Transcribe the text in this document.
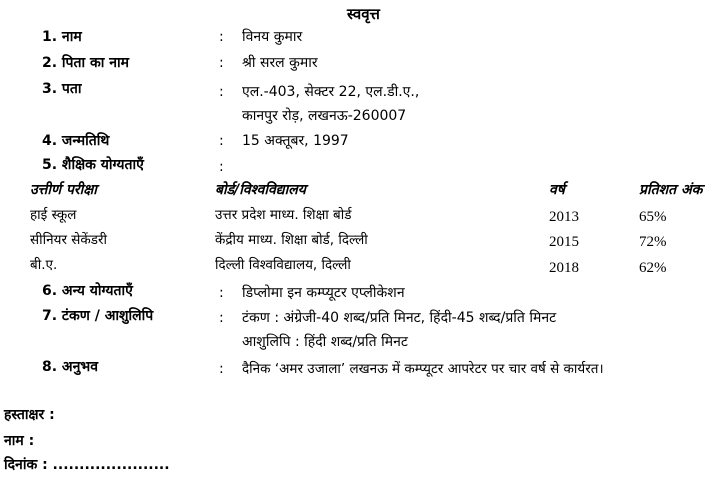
स्ववृत्त
1. नाम	: विनय कुमार
2. पिता का नाम	: श्री सरल कुमार
3. पता	: एल.-403, सेक्टर 22, एल.डी.ए.,
कानपुर रोड़, लखनऊ-260007
4. जन्मतिथि	: 15 अक्तूबर, 1997
5. शैक्षिक योग्यताएँ	:
उत्तीर्ण परीक्षा	बोर्ड/विश्वविद्यालय	वर्ष	प्रतिशत अंक
हाई स्कूल	उत्तर प्रदेश माध्य. शिक्षा बोर्ड	2013	65%
सीनियर सेकेंडरी	केंद्रीय माध्य. शिक्षा बोर्ड, दिल्ली	2015	72%
बी.ए.	दिल्ली विश्वविद्यालय, दिल्ली	2018	62%
6. अन्य योग्यताएँ	: डिप्लोमा इन कम्प्यूटर एप्लीकेशन
7. टंकण / आशुलिपि	: टंकण : अंग्रेजी-40 शब्द/प्रति मिनट, हिंदी-45 शब्द/प्रति मिनट
आशुलिपि : हिंदी शब्द/प्रति मिनट
8. अनुभव	: दैनिक ‘अमर उजाला’ लखनऊ में कम्प्यूटर आपरेटर पर चार वर्ष से कार्यरत।
हस्ताक्षर :
नाम :
दिनांक : ......................
